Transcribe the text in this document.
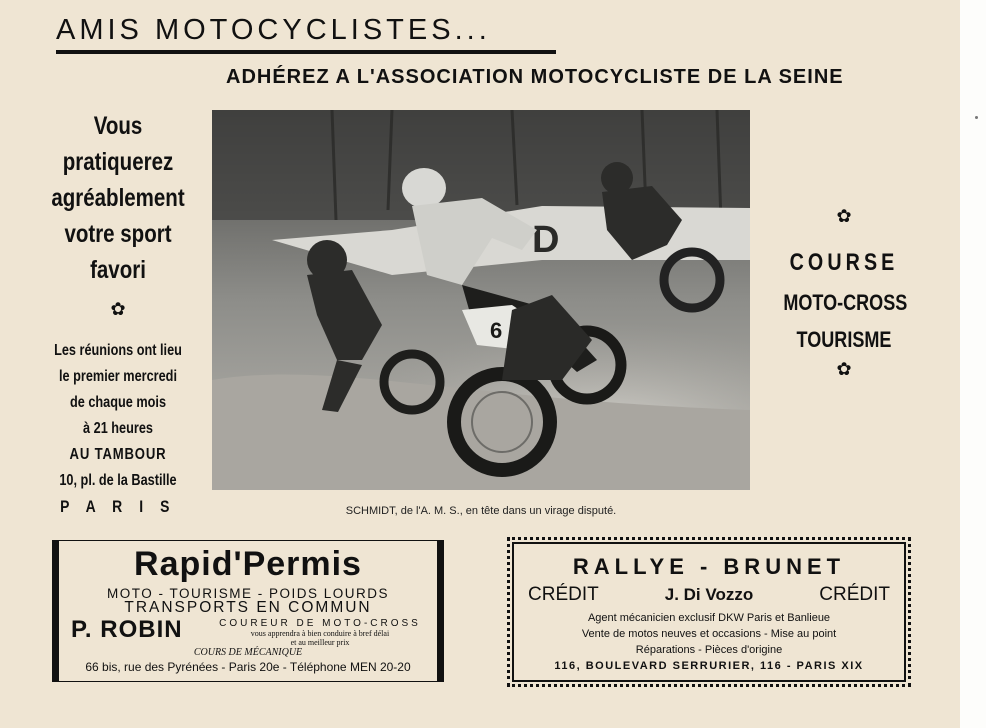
AMIS MOTOCYCLISTES...
ADHÉREZ A L'ASSOCIATION MOTOCYCLISTE DE LA SEINE
Vous
pratiquerez
agréablement
votre sport
favori
✿
Les réunions ont lieu
le premier mercredi
de chaque mois
à 21 heures
AU TAMBOUR
10, pl. de la Bastille
P A R I S
D
6
SCHMIDT, de l'A. M. S., en tête dans un virage disputé.
✿
COURSE
MOTO-CROSS
TOURISME
✿
Rapid'Permis
MOTO - TOURISME - POIDS LOURDS
TRANSPORTS EN COMMUN
P. ROBIN	COUREUR DE MOTO-CROSS
vous apprendra à bien conduire à bref délai
et au meilleur prix
COURS DE MÉCANIQUE
66 bis, rue des Pyrénées - Paris 20e - Téléphone MEN 20-20
RALLYE - BRUNET
CRÉDIT	J. Di Vozzo	CRÉDIT
Agent mécanicien exclusif DKW Paris et Banlieue
Vente de motos neuves et occasions - Mise au point
Réparations - Pièces d'origine
116, BOULEVARD SERRURIER, 116 - PARIS XIX
